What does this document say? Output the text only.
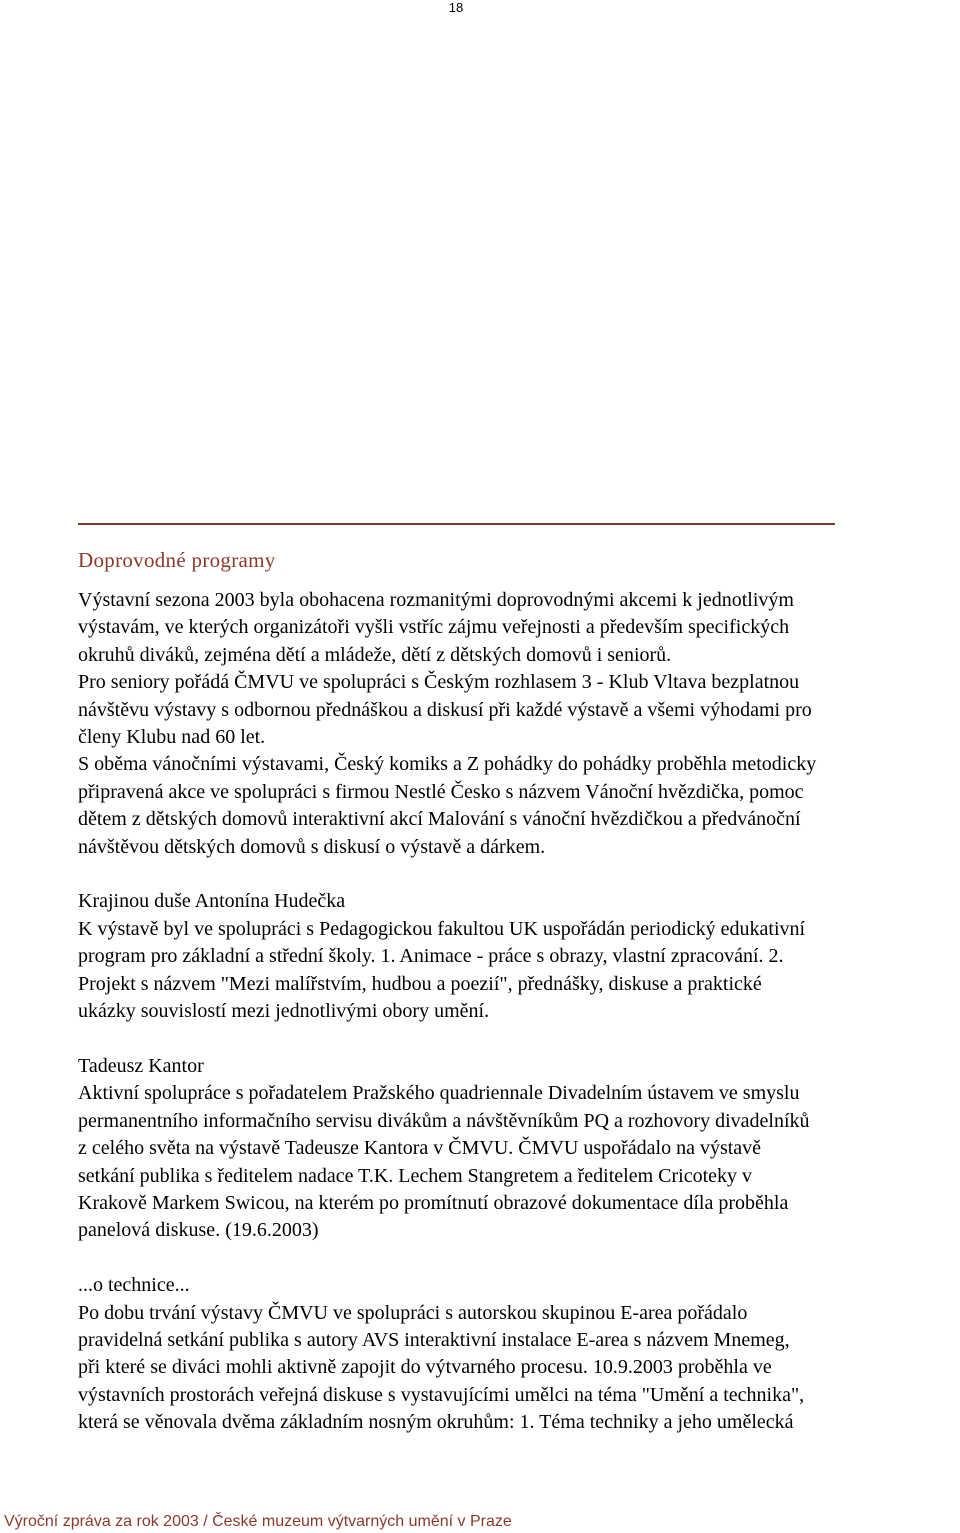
18
Doprovodné programy

Výstavní sezona 2003 byla obohacena rozmanitými doprovodnými akcemi k jednotlivým
výstavám, ve kterých organizátoři vyšli vstříc zájmu veřejnosti a především specifických
okruhů diváků, zejména dětí a mládeže, dětí z dětských domovů i seniorů.

Pro seniory pořádá ČMVU ve spolupráci s Českým rozhlasem 3 - Klub Vltava bezplatnou
návštěvu výstavy s odbornou přednáškou a diskusí při každé výstavě a všemi výhodami pro
členy Klubu nad 60 let.

S oběma vánočními výstavami, Český komiks a Z pohádky do pohádky proběhla metodicky
připravená akce ve spolupráci s firmou Nestlé Česko s názvem Vánoční hvězdička, pomoc
dětem z dětských domovů interaktivní akcí Malování s vánoční hvězdičkou a předvánoční
návštěvou dětských domovů s diskusí o výstavě a dárkem.

Krajinou duše Antonína Hudečka

K výstavě byl ve spolupráci s Pedagogickou fakultou UK uspořádán periodický edukativní
program pro základní a střední školy. 1. Animace - práce s obrazy, vlastní zpracování. 2.
Projekt s názvem "Mezi malířstvím, hudbou a poezií", přednášky, diskuse a praktické
ukázky souvislostí mezi jednotlivými obory umění.

Tadeusz Kantor

Aktivní spolupráce s pořadatelem Pražského quadriennale Divadelním ústavem ve smyslu
permanentního informačního servisu divákům a návštěvníkům PQ a rozhovory divadelníků
z celého světa na výstavě Tadeusze Kantora v ČMVU. ČMVU uspořádalo na výstavě
setkání publika s ředitelem nadace T.K. Lechem Stangretem a ředitelem Cricoteky v
Krakově Markem Swicou, na kterém po promítnutí obrazové dokumentace díla proběhla
panelová diskuse. (19.6.2003)

...o technice...

Po dobu trvání výstavy ČMVU ve spolupráci s autorskou skupinou E-area pořádalo
pravidelná setkání publika s autory AVS interaktivní instalace E-area s názvem Mnemeg,
při které se diváci mohli aktivně zapojit do výtvarného procesu. 10.9.2003 proběhla ve
výstavních prostorách veřejná diskuse s vystavujícími umělci na téma "Umění a technika",
která se věnovala dvěma základním nosným okruhům: 1. Téma techniky a jeho umělecká

Výroční zpráva za rok 2003 / České muzeum výtvarných umění v Praze
